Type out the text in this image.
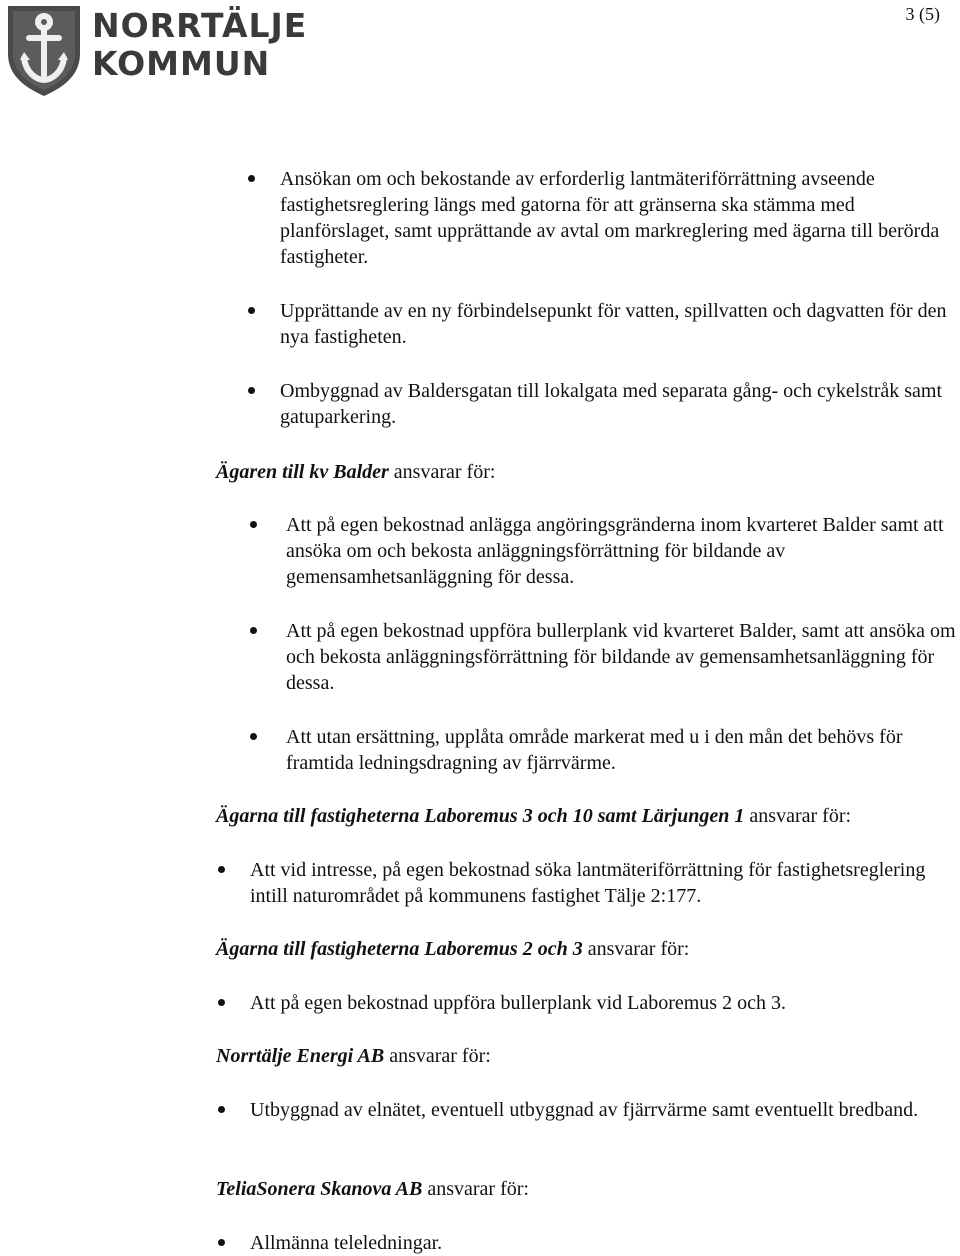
NORRTÄLJE
KOMMUN
3 (5)
Ansökan om och bekostande av erforderlig lantmäteriförrättning avseende fastighetsreglering längs med gatorna för att gränserna ska stämma med planförslaget, samt upprättande av avtal om markreglering med ägarna till berörda fastigheter.
Upprättande av en ny förbindelsepunkt för vatten, spillvatten och dagvatten för den nya fastigheten.
Ombyggnad av Baldersgatan till lokalgata med separata gång- och cykelstråk samt gatuparkering.
Ägaren till kv Balder ansvarar för:
Att på egen bekostnad anlägga angöringsgränderna inom kvarteret Balder samt att ansöka om och bekosta anläggningsförrättning för bildande av gemensamhetsanläggning för dessa.
Att på egen bekostnad uppföra bullerplank vid kvarteret Balder, samt att ansöka om och bekosta anläggningsförrättning för bildande av gemensamhetsanläggning för dessa.
Att utan ersättning, upplåta område markerat med u i den mån det behövs för framtida ledningsdragning av fjärrvärme.
Ägarna till fastigheterna Laboremus 3 och 10 samt Lärjungen 1 ansvarar för:
Att vid intresse, på egen bekostnad söka lantmäteriförrättning för fastighetsreglering intill naturområdet på kommunens fastighet Tälje 2:177.
Ägarna till fastigheterna Laboremus 2 och 3 ansvarar för:
Att på egen bekostnad uppföra bullerplank vid Laboremus 2 och 3.
Norrtälje Energi AB ansvarar för:
Utbyggnad av elnätet, eventuell utbyggnad av fjärrvärme samt eventuellt bredband.
TeliaSonera Skanova AB ansvarar för:
Allmänna teleledningar.
